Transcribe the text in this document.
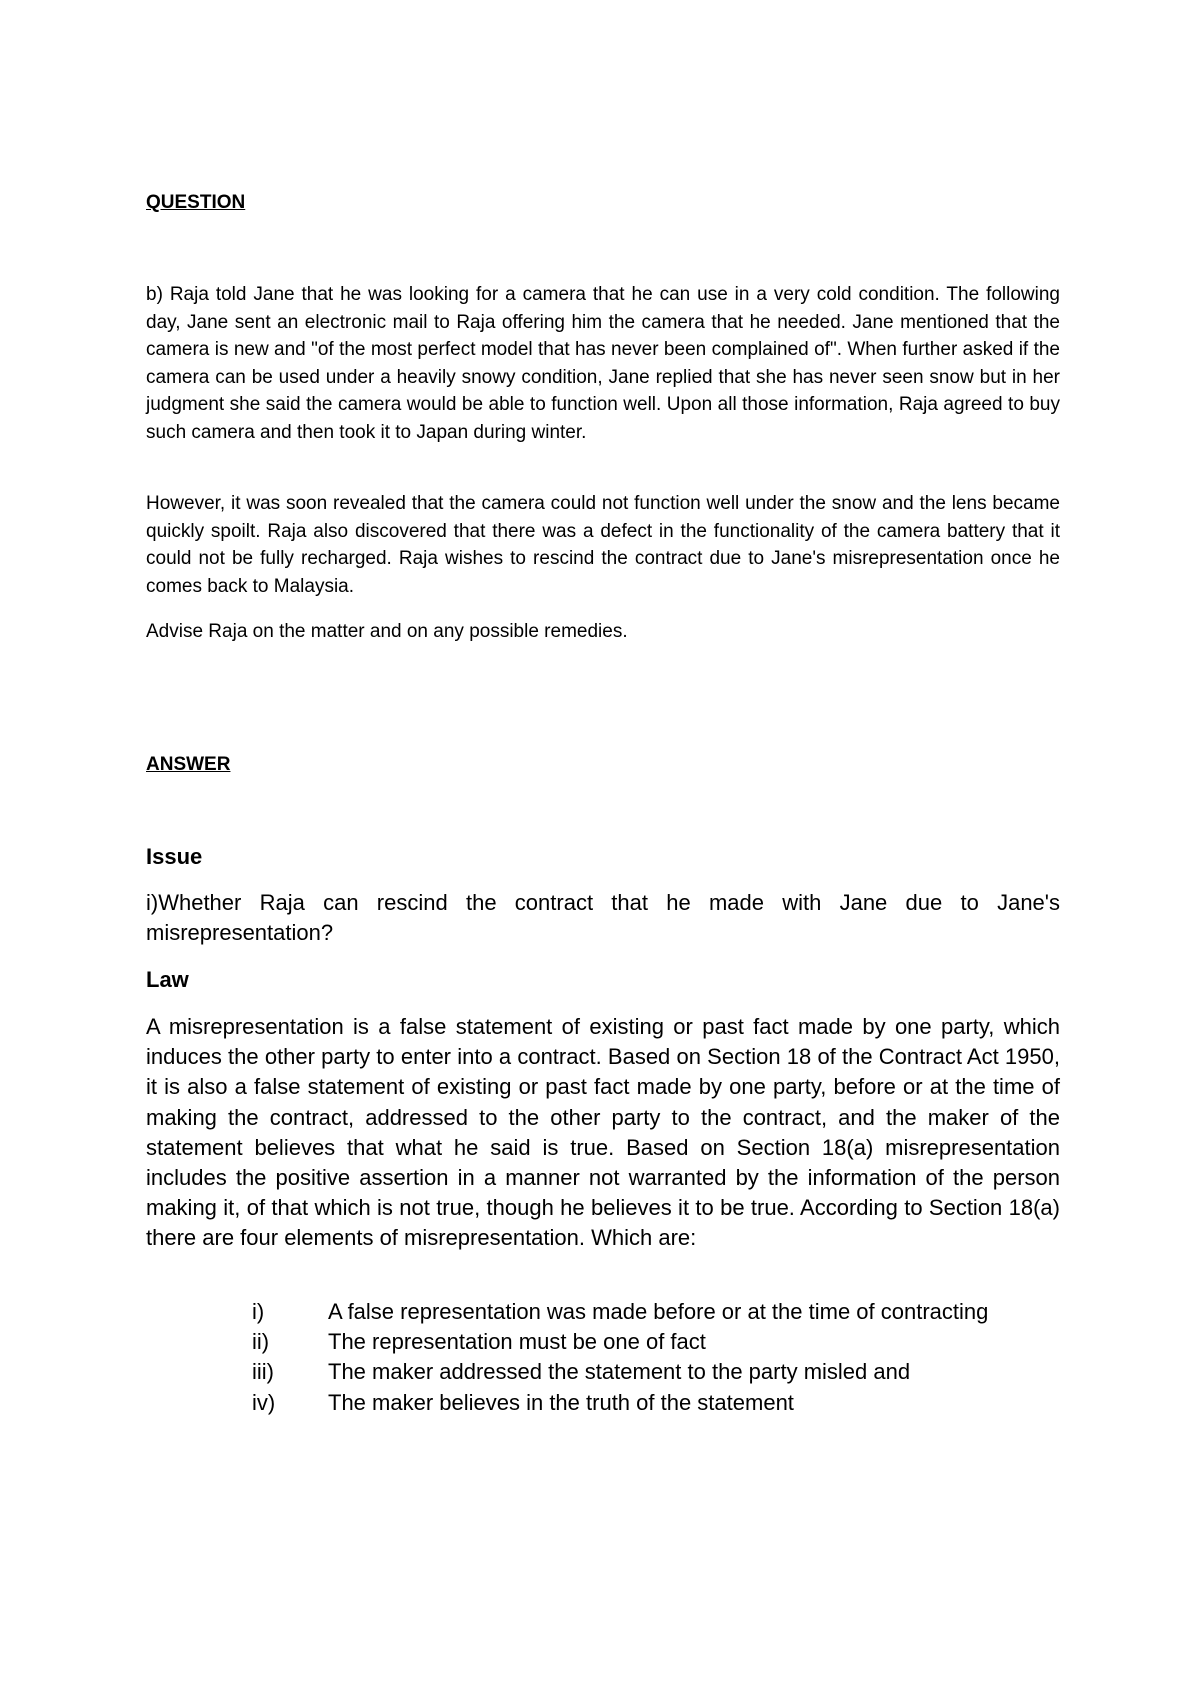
QUESTION

b) Raja told Jane that he was looking for a camera that he can use in a very cold condition. The following day, Jane sent an electronic mail to Raja offering him the camera that he needed. Jane mentioned that the camera is new and "of the most perfect model that has never been complained of". When further asked if the camera can be used under a heavily snowy condition, Jane replied that she has never seen snow but in her judgment she said the camera would be able to function well. Upon all those information, Raja agreed to buy such camera and then took it to Japan during winter.

However, it was soon revealed that the camera could not function well under the snow and the lens became quickly spoilt. Raja also discovered that there was a defect in the functionality of the camera battery that it could not be fully recharged. Raja wishes to rescind the contract due to Jane's misrepresentation once he comes back to Malaysia.

Advise Raja on the matter and on any possible remedies.

ANSWER

Issue

i)Whether Raja can rescind the contract that he made with Jane due to Jane's misrepresentation?

Law

A misrepresentation is a false statement of existing or past fact made by one party, which induces the other party to enter into a contract. Based on Section 18 of the Contract Act 1950, it is also a false statement of existing or past fact made by one party, before or at the time of making the contract, addressed to the other party to the contract, and the maker of the statement believes that what he said is true. Based on Section 18(a) misrepresentation includes the positive assertion in a manner not warranted by the information of the person making it, of that which is not true, though he believes it to be true. According to Section 18(a) there are four elements of misrepresentation. Which are:

i)	A false representation was made before or at the time of contracting
ii)	The representation must be one of fact
iii)	The maker addressed the statement to the party misled and
iv)	The maker believes in the truth of the statement
